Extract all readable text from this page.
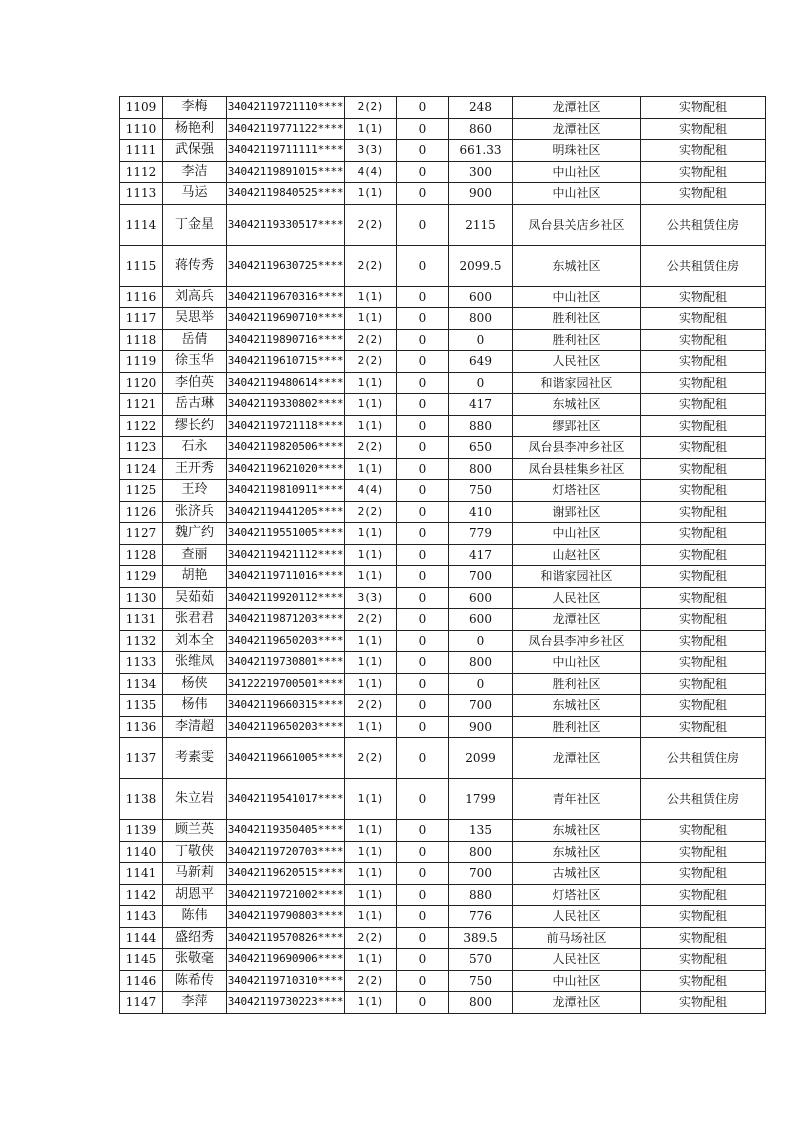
1109	李梅	34042119721110****	2(2)	0	248	龙潭社区	实物配租
1110	杨艳利	34042119771122****	1(1)	0	860	龙潭社区	实物配租
1111	武保强	34042119711111****	3(3)	0	661.33	明珠社区	实物配租
1112	李洁	34042119891015****	4(4)	0	300	中山社区	实物配租
1113	马运	34042119840525****	1(1)	0	900	中山社区	实物配租
1114	丁金星	34042119330517****	2(2)	0	2115	凤台县关店乡社区	公共租赁住房
1115	蒋传秀	34042119630725****	2(2)	0	2099.5	东城社区	公共租赁住房
1116	刘高兵	34042119670316****	1(1)	0	600	中山社区	实物配租
1117	吴思举	34042119690710****	1(1)	0	800	胜利社区	实物配租
1118	岳倩	34042119890716****	2(2)	0	0	胜利社区	实物配租
1119	徐玉华	34042119610715****	2(2)	0	649	人民社区	实物配租
1120	李伯英	34042119480614****	1(1)	0	0	和谐家园社区	实物配租
1121	岳古琳	34042119330802****	1(1)	0	417	东城社区	实物配租
1122	缪长约	34042119721118****	1(1)	0	880	缪郢社区	实物配租
1123	石永	34042119820506****	2(2)	0	650	凤台县李冲乡社区	实物配租
1124	王开秀	34042119621020****	1(1)	0	800	凤台县桂集乡社区	实物配租
1125	王玲	34042119810911****	4(4)	0	750	灯塔社区	实物配租
1126	张济兵	34042119441205****	2(2)	0	410	谢郢社区	实物配租
1127	魏广约	34042119551005****	1(1)	0	779	中山社区	实物配租
1128	查丽	34042119421112****	1(1)	0	417	山赵社区	实物配租
1129	胡艳	34042119711016****	1(1)	0	700	和谐家园社区	实物配租
1130	吴茹茹	34042119920112****	3(3)	0	600	人民社区	实物配租
1131	张君君	34042119871203****	2(2)	0	600	龙潭社区	实物配租
1132	刘本全	34042119650203****	1(1)	0	0	凤台县李冲乡社区	实物配租
1133	张维凤	34042119730801****	1(1)	0	800	中山社区	实物配租
1134	杨侠	34122219700501****	1(1)	0	0	胜利社区	实物配租
1135	杨伟	34042119660315****	2(2)	0	700	东城社区	实物配租
1136	李清超	34042119650203****	1(1)	0	900	胜利社区	实物配租
1137	考素雯	34042119661005****	2(2)	0	2099	龙潭社区	公共租赁住房
1138	朱立岩	34042119541017****	1(1)	0	1799	青年社区	公共租赁住房
1139	顾兰英	34042119350405****	1(1)	0	135	东城社区	实物配租
1140	丁敬侠	34042119720703****	1(1)	0	800	东城社区	实物配租
1141	马新莉	34042119620515****	1(1)	0	700	古城社区	实物配租
1142	胡恩平	34042119721002****	1(1)	0	880	灯塔社区	实物配租
1143	陈伟	34042119790803****	1(1)	0	776	人民社区	实物配租
1144	盛绍秀	34042119570826****	2(2)	0	389.5	前马场社区	实物配租
1145	张敬毫	34042119690906****	1(1)	0	570	人民社区	实物配租
1146	陈希传	34042119710310****	2(2)	0	750	中山社区	实物配租
1147	李萍	34042119730223****	1(1)	0	800	龙潭社区	实物配租
